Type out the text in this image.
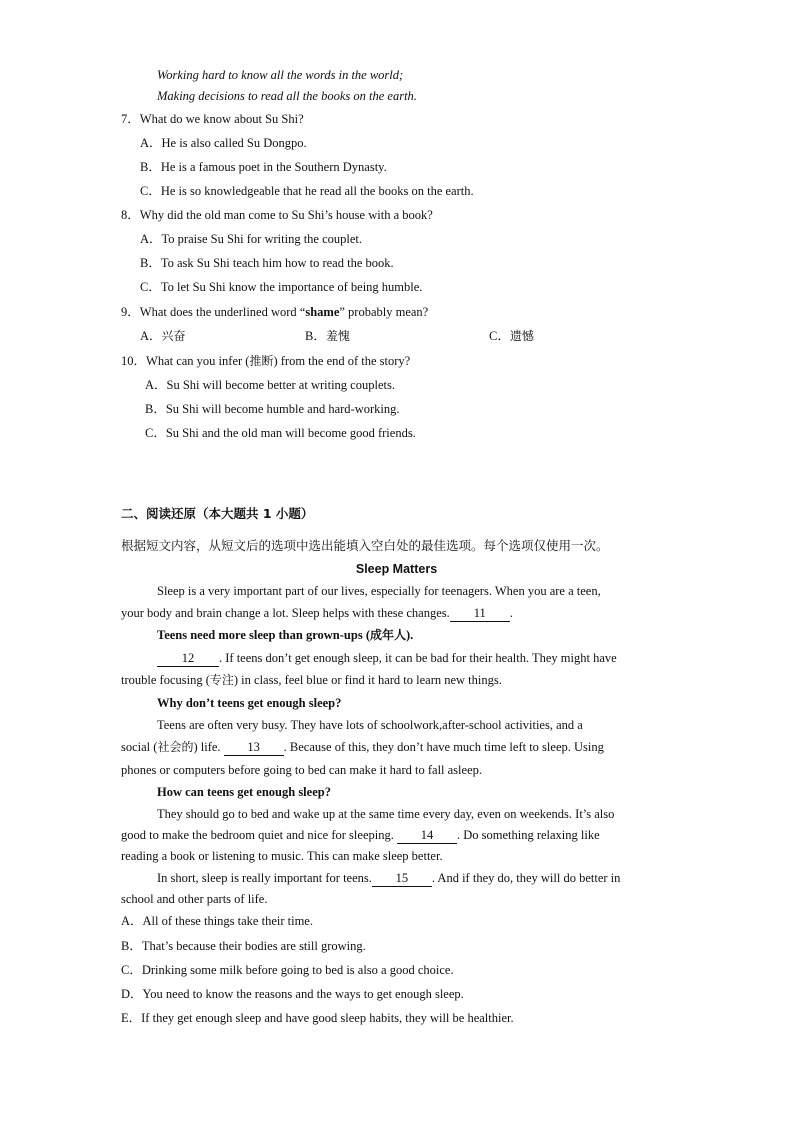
Working hard to know all the words in the world;
Making decisions to read all the books on the earth.
7．What do we know about Su Shi?
A．He is also called Su Dongpo.
B．He is a famous poet in the Southern Dynasty.
C．He is so knowledgeable that he read all the books on the earth.
8．Why did the old man come to Su Shi’s house with a book?
A．To praise Su Shi for writing the couplet.
B．To ask Su Shi teach him how to read the book.
C．To let Su Shi know the importance of being humble.
9．What does the underlined word “shame” probably mean?
A．兴奋	B．羞愧	C．遗憾
10．What can you infer (推断) from the end of the story?
A．Su Shi will become better at writing couplets.
B．Su Shi will become humble and hard-working.
C．Su Shi and the old man will become good friends.
二、阅读还原（本大题共 1 小题）
根据短文内容，从短文后的选项中选出能填入空白处的最佳选项。每个选项仅使用一次。
Sleep Matters
Sleep is a very important part of our lives, especially for teenagers. When you are a teen,
your body and brain change a lot. Sleep helps with these changes. 11 .
Teens need more sleep than grown-ups (成年人).
12 . If teens don’t get enough sleep, it can be bad for their health. They might have
trouble focusing (专注) in class, feel blue or find it hard to learn new things.
Why don’t teens get enough sleep?
Teens are often very busy. They have lots of schoolwork,after-school activities, and a
social (社会的) life. 13 . Because of this, they don’t have much time left to sleep. Using
phones or computers before going to bed can make it hard to fall asleep.
How can teens get enough sleep?
They should go to bed and wake up at the same time every day, even on weekends. It’s also
good to make the bedroom quiet and nice for sleeping. 14 . Do something relaxing like
reading a book or listening to music. This can make sleep better.
In short, sleep is really important for teens. 15 . And if they do, they will do better in
school and other parts of life.
A．All of these things take their time.
B．That’s because their bodies are still growing.
C．Drinking some milk before going to bed is also a good choice.
D．You need to know the reasons and the ways to get enough sleep.
E．If they get enough sleep and have good sleep habits, they will be healthier.
